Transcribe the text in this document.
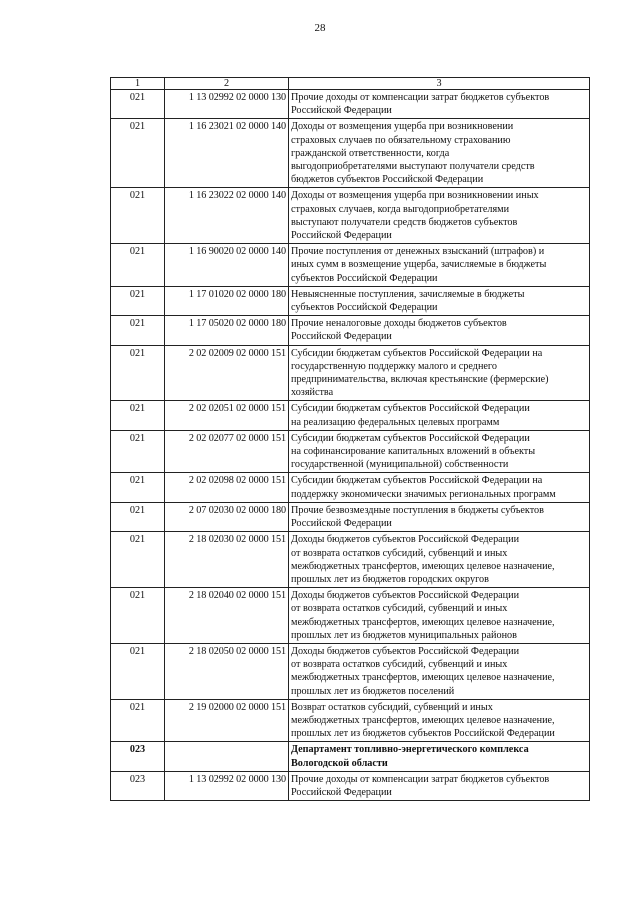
28
1	2	3
021	1 13 02992 02 0000 130	Прочие доходы от компенсации затрат бюджетов субъектов
Российской Федерации

021	1 16 23021 02 0000 140	Доходы от возмещения ущерба при возникновении
страховых случаев по обязательному страхованию
гражданской ответственности, когда
выгодоприобретателями выступают получатели средств
бюджетов субъектов Российской Федерации

021	1 16 23022 02 0000 140	Доходы от возмещения ущерба при возникновении иных
страховых случаев, когда выгодоприобретателями
выступают получатели средств бюджетов субъектов
Российской Федерации

021	1 16 90020 02 0000 140	Прочие поступления от денежных взысканий (штрафов) и
иных сумм в возмещение ущерба, зачисляемые в бюджеты
субъектов Российской Федерации

021	1 17 01020 02 0000 180	Невыясненные поступления, зачисляемые в бюджеты
субъектов Российской Федерации

021	1 17 05020 02 0000 180	Прочие неналоговые доходы бюджетов субъектов
Российской Федерации

021	2 02 02009 02 0000 151	Субсидии бюджетам субъектов Российской Федерации на
государственную поддержку малого и среднего
предпринимательства, включая крестьянские (фермерские)
хозяйства

021	2 02 02051 02 0000 151	Субсидии бюджетам субъектов Российской Федерации
на реализацию федеральных целевых программ

021	2 02 02077 02 0000 151	Субсидии бюджетам субъектов Российской Федерации
на софинансирование капитальных вложений в объекты
государственной (муниципальной) собственности

021	2 02 02098 02 0000 151	Субсидии бюджетам субъектов Российской Федерации на
поддержку экономически значимых региональных программ

021	2 07 02030 02 0000 180	Прочие безвозмездные поступления в бюджеты субъектов
Российской Федерации

021	2 18 02030 02 0000 151	Доходы бюджетов субъектов Российской Федерации
от возврата остатков субсидий, субвенций и иных
межбюджетных трансфертов, имеющих целевое назначение,
прошлых лет из бюджетов городских округов

021	2 18 02040 02 0000 151	Доходы бюджетов субъектов Российской Федерации
от возврата остатков субсидий, субвенций и иных
межбюджетных трансфертов, имеющих целевое назначение,
прошлых лет из бюджетов муниципальных районов

021	2 18 02050 02 0000 151	Доходы бюджетов субъектов Российской Федерации
от возврата остатков субсидий, субвенций и иных
межбюджетных трансфертов, имеющих целевое назначение,
прошлых лет из бюджетов поселений

021	2 19 02000 02 0000 151	Возврат остатков субсидий, субвенций и иных
межбюджетных трансфертов, имеющих целевое назначение,
прошлых лет из бюджетов субъектов Российской Федерации

023		Департамент топливно-энергетического комплекса
Вологодской области

023	1 13 02992 02 0000 130	Прочие доходы от компенсации затрат бюджетов субъектов
Российской Федерации
